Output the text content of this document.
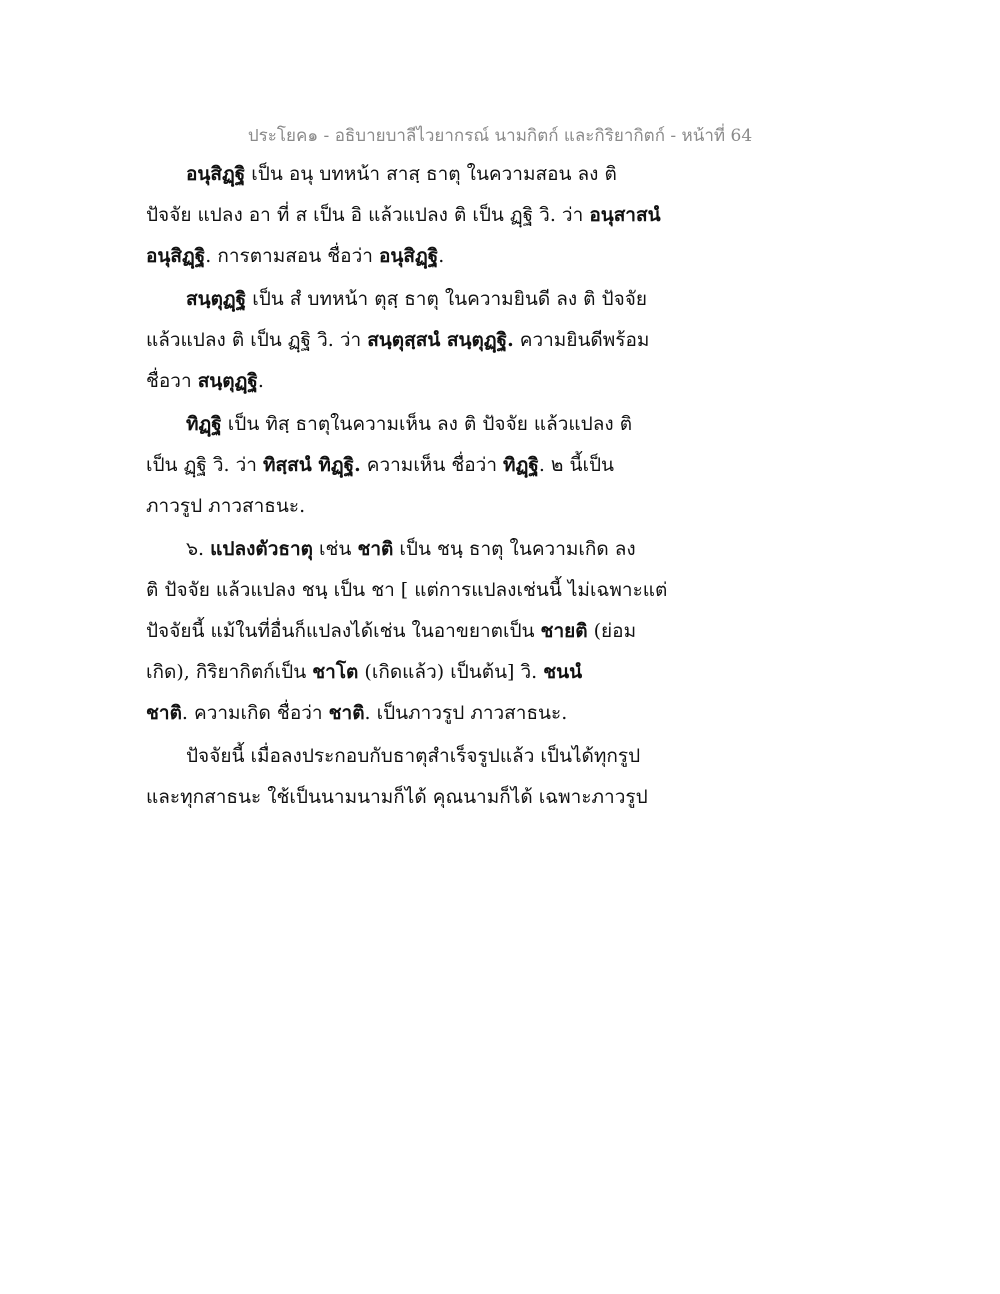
ประโยค๑ - อธิบายบาลีไวยากรณ์ นามกิตก์ และกิริยากิตก์ - หน้าที่ 64
อนุสิฏฺฐิ เป็น อนุ บทหน้า สาสฺ ธาตุ ในความสอน ลง ติ
ปัจจัย แปลง อา ที่ ส เป็น อิ แล้วแปลง ติ เป็น ฏฺฐิ วิ. ว่า อนุสาสนํ
อนุสิฏฺฐิ. การตามสอน ชื่อว่า อนุสิฏฺฐิ.
สนฺตุฏฺฐิฺ เป็น สํ บทหน้า ตุสฺ ธาตุ ในความยินดี ลง ติ ปัจจัย
แล้วแปลง ติ เป็น ฏฺฐิ วิ. ว่า สนฺตุสฺสนํ สนฺตุฏฺฐิ. ความยินดีพร้อม
ชื่อวา สนฺตุฏฺฐิ.
ทิฏฺฐิ เป็น ทิสฺ ธาตุในความเห็น ลง ติ ปัจจัย แล้วแปลง ติ
เป็น ฏฺฐิ วิ. ว่า ทิสฺสนํ ทิฏฺฐิ. ความเห็น ชื่อว่า ทิฏฺฐิ. ๒ นี้เป็น
ภาวรูป ภาวสาธนะ.
๖. แปลงตัวธาตุ เช่น ชาติ เป็น ชนฺ ธาตุ ในความเกิด ลง
ติ ปัจจัย แล้วแปลง ชนฺ เป็น ชา [ แต่การแปลงเช่นนี้ ไม่เฉพาะแต่
ปัจจัยนี้ แม้ในที่อื่นก็แปลงได้เช่น ในอาขยาตเป็น ชายติ (ย่อม
เกิด), กิริยากิตก์เป็น ชาโต (เกิดแล้ว) เป็นต้น] วิ. ชนนํ
ชาติ. ความเกิด ชื่อว่า ชาติ. เป็นภาวรูป ภาวสาธนะ.
ปัจจัยนี้ เมื่อลงประกอบกับธาตุสำเร็จรูปแล้ว เป็นได้ทุกรูป
และทุกสาธนะ ใช้เป็นนามนามก็ได้ คุณนามก็ได้ เฉพาะภาวรูป
